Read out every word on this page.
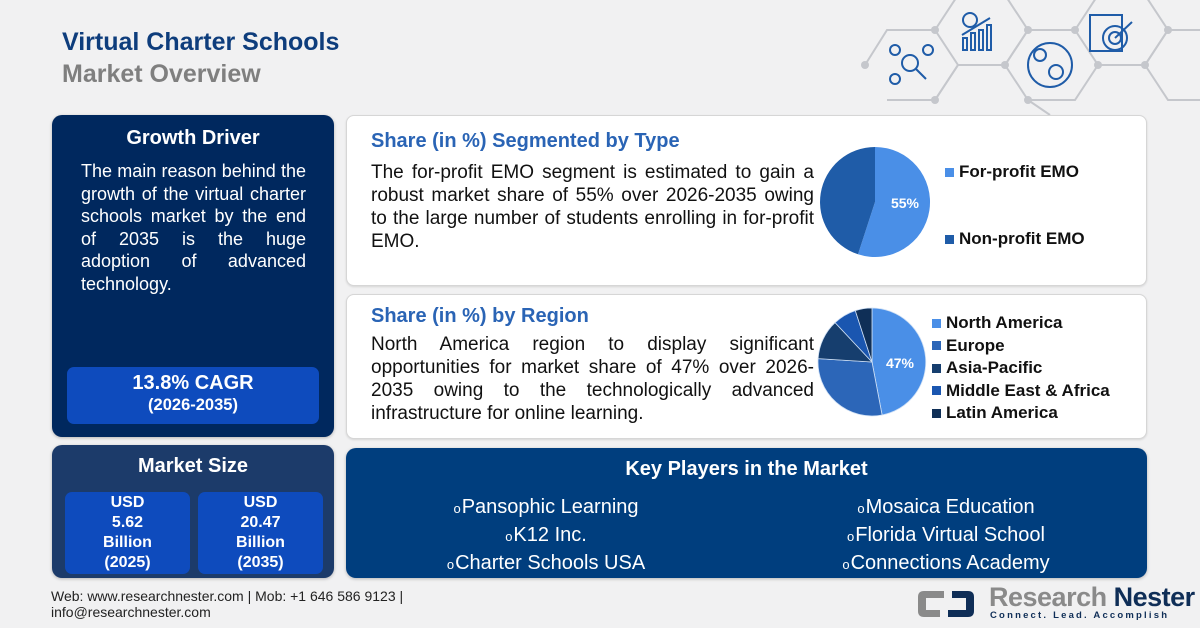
Virtual Charter Schools
Market Overview
Growth Driver
The main reason behind the growth of the virtual charter schools market by the end of 2035 is the huge adoption of advanced technology.
13.8% CAGR
(2026-2035)
Market Size
USD
5.62
Billion
(2025)
USD
20.47
Billion
(2035)
Share (in %) Segmented by Type
The for-profit EMO segment is estimated to gain a robust market share of 55% over 2026-2035 owing to the large number of students enrolling in for-profit EMO.
55%
For-profit EMO
Non-profit EMO
Share (in %) by Region
North America region to display significant opportunities for market share of 47% over 2026-2035 owing to the technologically advanced infrastructure for online learning.
47%
North America
Europe
Asia-Pacific
Middle East & Africa
Latin America
Key Players in the Market
oPansophic Learning
oK12 Inc.
oCharter Schools USA
oMosaica Education
oFlorida Virtual School
oConnections Academy
Web: www.researchnester.com | Mob: +1 646 586 9123 |
info@researchnester.com	Research Nester
Connect. Lead. Accomplish
